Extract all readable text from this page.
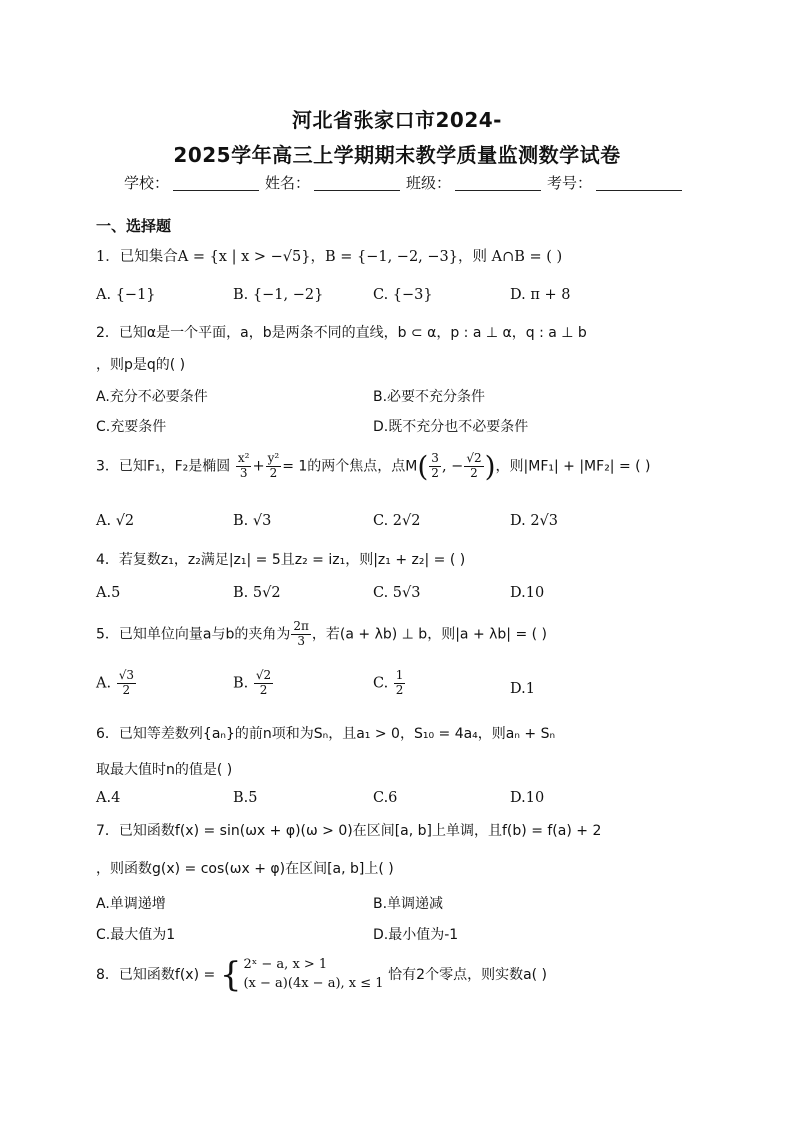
河北省张家口市2024-
2025学年高三上学期期末教学质量监测数学试卷
学校：	姓名：	班级：	考号：
一、选择题
1．已知集合A = {x | x > −√5}，B = {−1, −2, −3}，则 A∩B = ( )
A. {−1}	B. {−1, −2}	C. {−3}	D. π + 8
2．已知α是一个平面，a，b是两条不同的直线，b ⊂ α，p : a ⊥ α，q : a ⊥ b
，则p是q的( )
A.充分不必要条件	B.必要不充分条件
C.充要条件	D.既不充分也不必要条件
3．已知F₁，F₂是椭圆 $\frac{\text{x²}}{3} + \frac{\text{y²}}{2} = 1$的两个焦点，点$M( \frac{3}{2}$ , − $\frac{√2}{2}$ )，则|MF₁| + |MF₂| = ( )
A. √2	B. √3	C. 2√2	D. 2√3
4．若复数z₁，z₂满足|z₁| = 5且z₂ = iz₁，则|z₁ + z₂| = ( )
A.5	B. 5√2	C. 5√3	D.10
5．已知单位向量a与b的夹角为 $\frac{2\pi}{3}$ ，若(a + λb) ⊥ b，则|a + λb| = ( )
A. $\frac{√3}{2}$	B. $\frac{√2}{2}$	C. $\frac{1}{2}$	D.1
6．已知等差数列{aₙ}的前n项和为Sₙ，且a₁ > 0，S₁₀ = 4a₄，则aₙ + Sₙ
取最大值时n的值是( )
A.4	B.5	C.6	D.10
7．已知函数f(x) = sin(ωx + φ)(ω > 0)在区间[a, b]上单调，且f(b) = f(a) + 2
，则函数g(x) = cos(ωx + φ)在区间[a, b]上( )
A.单调递增	B.单调递减
C.最大值为1	D.最小值为-1
8．已知函数f(x) = { 2ˣ − a, x > 1
(x − a)(4x − a), x ≤ 1
恰有2个零点，则实数a( )
